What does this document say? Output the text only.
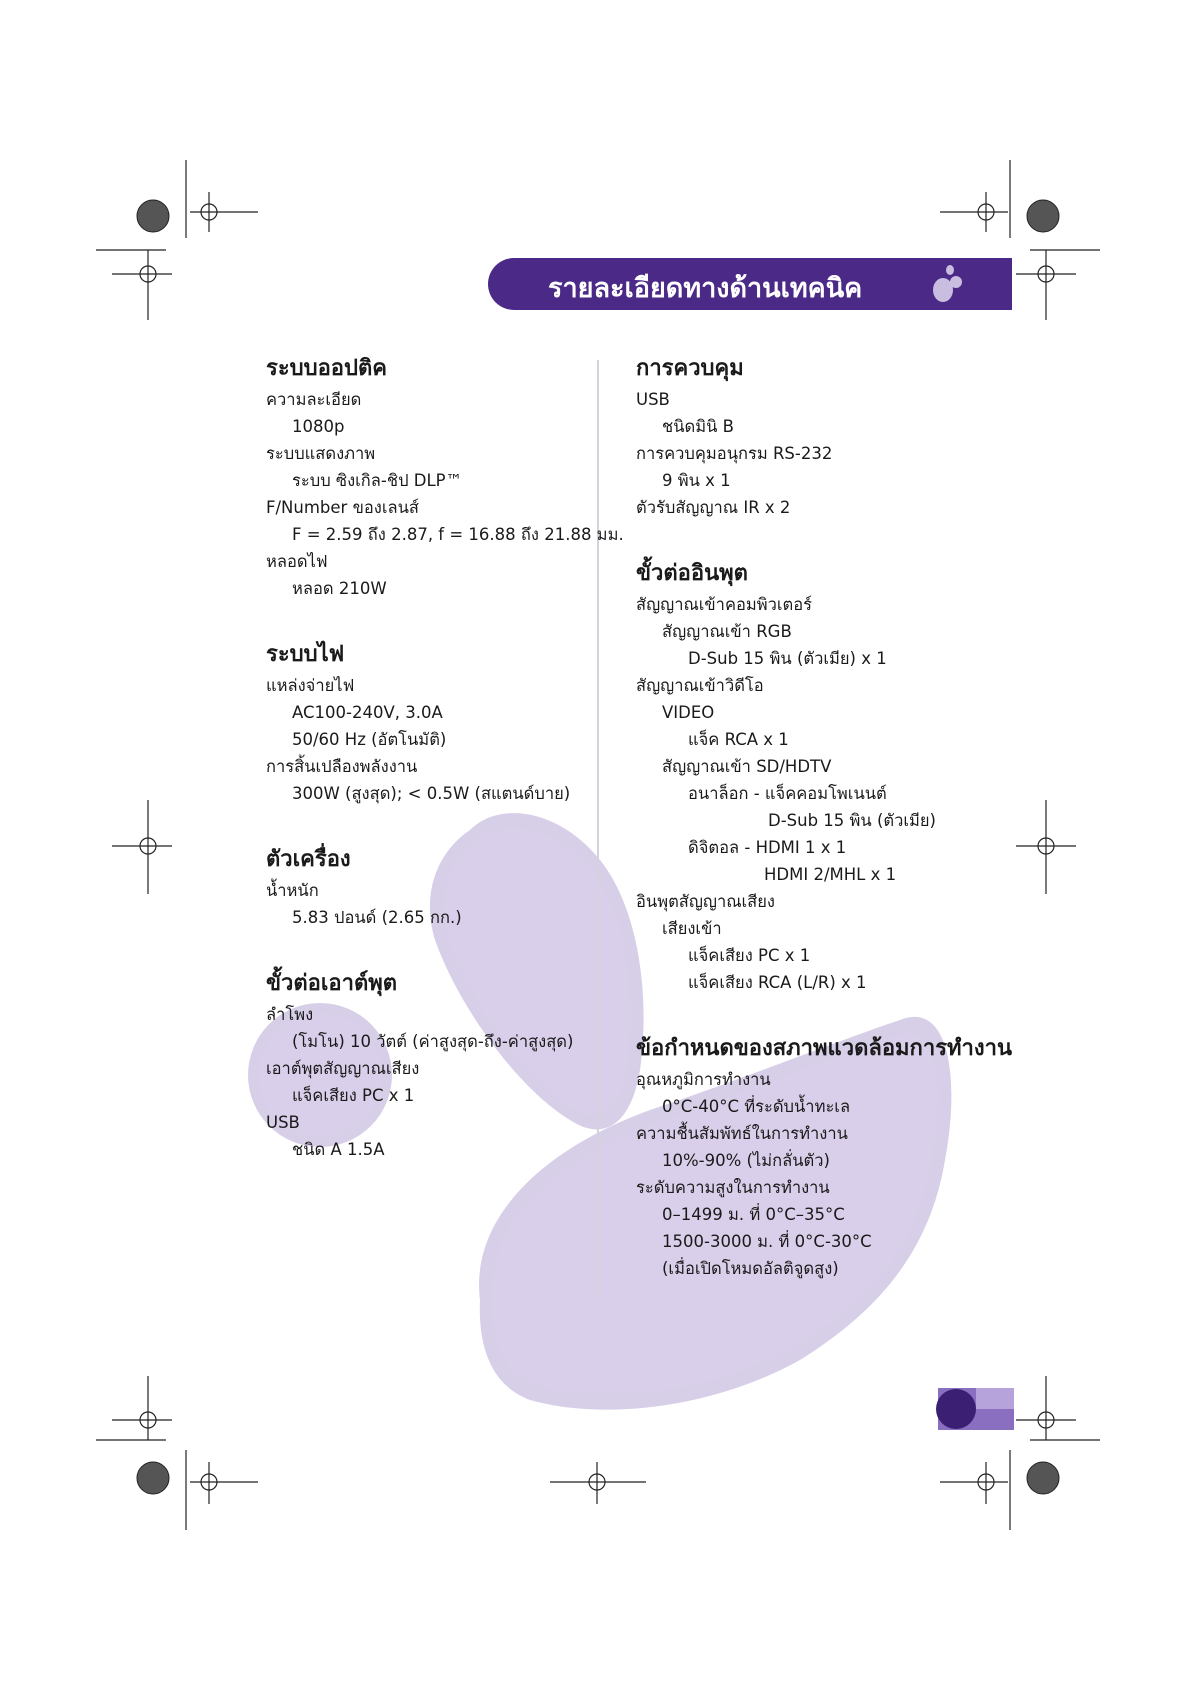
รายละเอียดทางด้านเทคนิค
ระบบออปติค
ความละเอียด
1080p
ระบบแสดงภาพ
ระบบ ซิงเกิล-ชิป DLP™
F/Number ของเลนส์
F = 2.59 ถึง 2.87, f = 16.88 ถึง 21.88 มม.
หลอดไฟ
หลอด 210W
ระบบไฟ
แหล่งจ่ายไฟ
AC100-240V, 3.0A
50/60 Hz (อัตโนมัติ)
การสิ้นเปลืองพลังงาน
300W (สูงสุด); < 0.5W (สแตนด์บาย)
ตัวเครื่อง
น้ำหนัก
5.83 ปอนด์ (2.65 กก.)
ขั้วต่อเอาต์พุต
ลำโพง
(โมโน) 10 วัตต์ (ค่าสูงสุด-ถึง-ค่าสูงสุด)
เอาต์พุตสัญญาณเสียง
แจ็คเสียง PC x 1
USB
ชนิด A 1.5A
การควบคุม
USB
ชนิดมินิ B
การควบคุมอนุกรม RS-232
9 พิน x 1
ตัวรับสัญญาณ IR x 2
ขั้วต่ออินพุต
สัญญาณเข้าคอมพิวเตอร์
สัญญาณเข้า RGB
D-Sub 15 พิน (ตัวเมีย) x 1
สัญญาณเข้าวิดีโอ
VIDEO
แจ็ค RCA x 1
สัญญาณเข้า SD/HDTV
อนาล็อก - แจ็คคอมโพเนนต์
D-Sub 15 พิน (ตัวเมีย)
ดิจิตอล - HDMI 1 x 1
HDMI 2/MHL x 1
อินพุตสัญญาณเสียง
เสียงเข้า
แจ็คเสียง PC x 1
แจ็คเสียง RCA (L/R) x 1
ข้อกำหนดของสภาพแวดล้อมการทำงาน
อุณหภูมิการทำงาน
0°C-40°C ที่ระดับน้ำทะเล
ความชื้นสัมพัทธ์ในการทำงาน
10%-90% (ไม่กลั่นตัว)
ระดับความสูงในการทำงาน
0–1499 ม. ที่ 0°C–35°C
1500-3000 ม. ที่ 0°C-30°C
(เมื่อเปิดโหมดอัลติจูดสูง)
